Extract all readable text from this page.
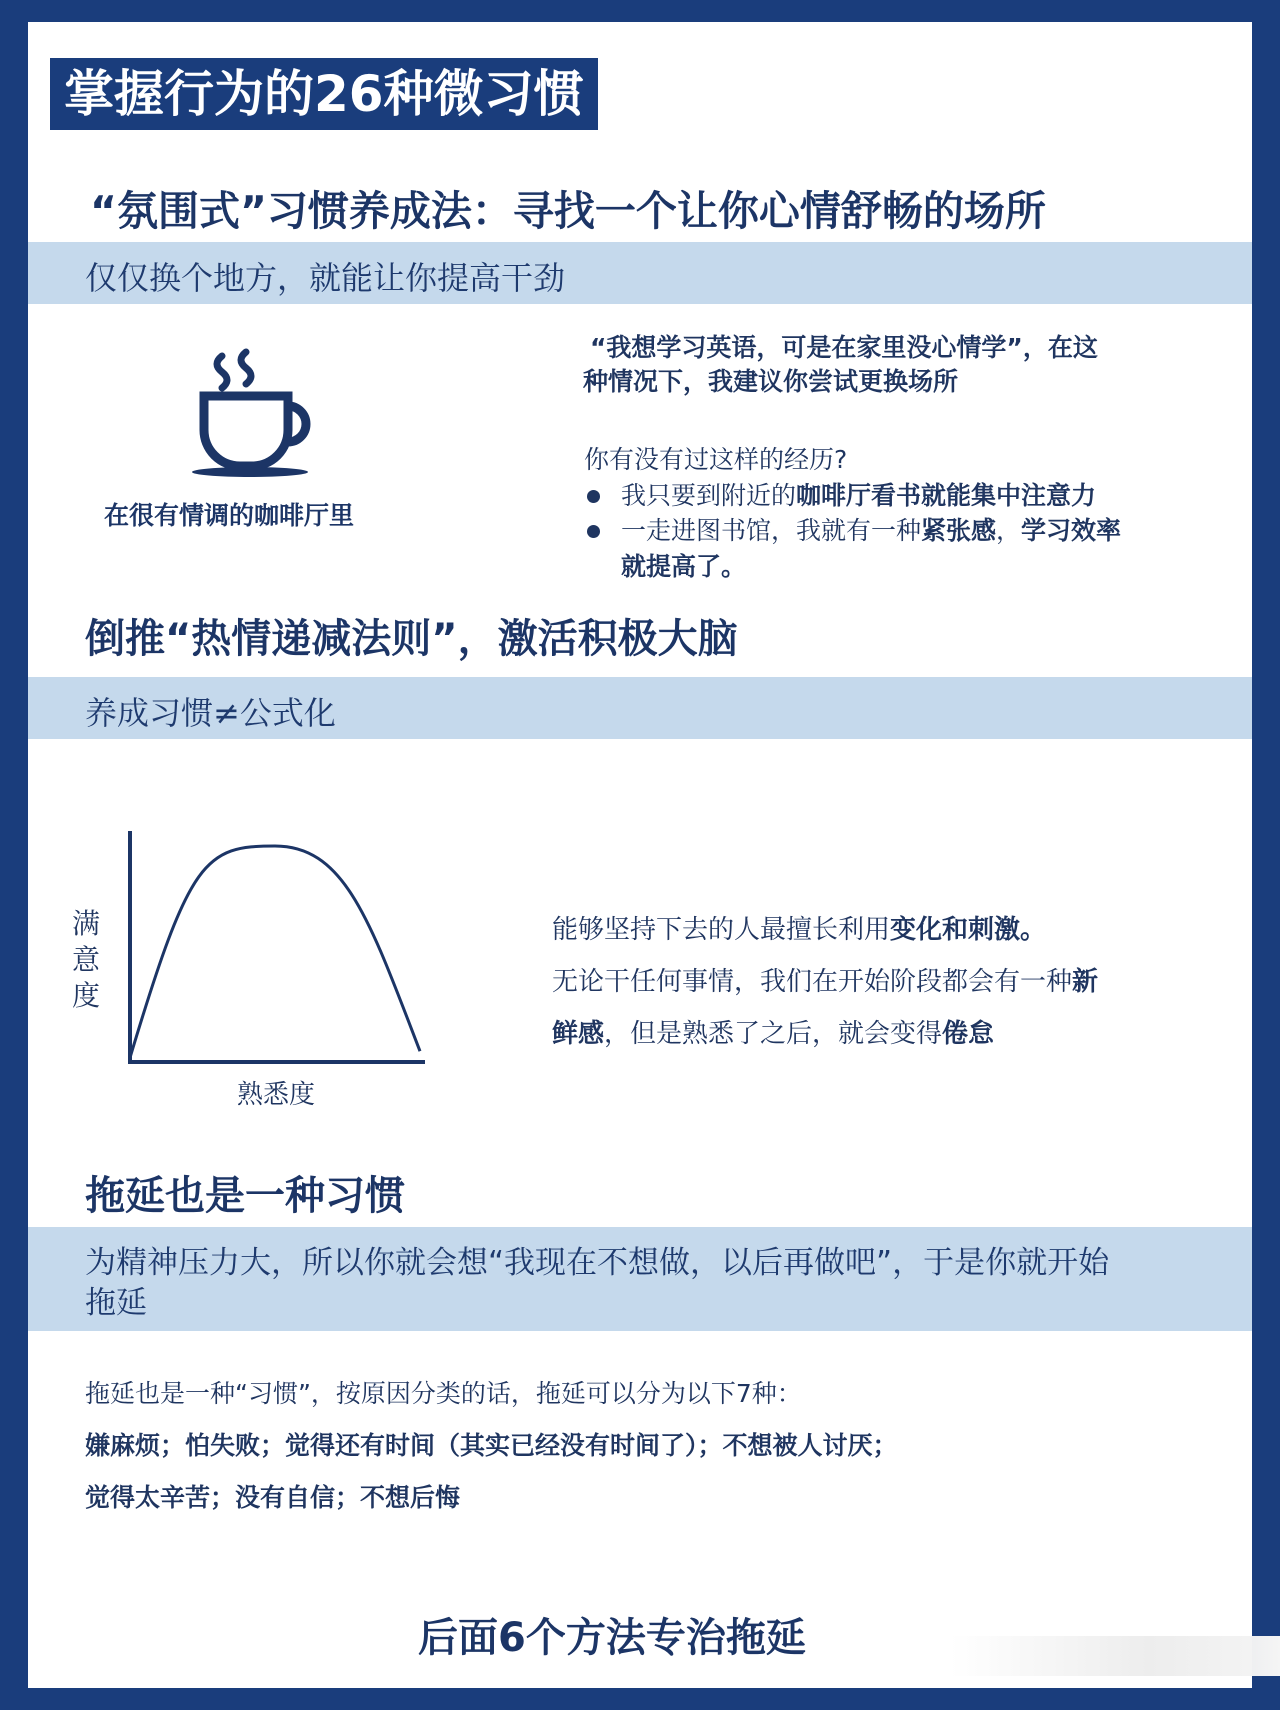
掌握行为的26种微习惯
“氛围式”习惯养成法：寻找一个让你心情舒畅的场所
仅仅换个地方，就能让你提高干劲
在很有情调的咖啡厅里
“我想学习英语，可是在家里没心情学”，在这
种情况下，我建议你尝试更换场所
你有没有过这样的经历?
我只要到附近的咖啡厅看书就能集中注意力
一走进图书馆，我就有一种紧张感，学习效率
就提高了。
倒推“热情递减法则”，激活积极大脑
养成习惯≠公式化
满意度
熟悉度
能够坚持下去的人最擅长利用变化和刺激。
无论干任何事情，我们在开始阶段都会有一种新
鲜感，但是熟悉了之后，就会变得倦怠
拖延也是一种习惯
为精神压力大，所以你就会想“我现在不想做，以后再做吧”，于是你就开始
拖延
拖延也是一种“习惯”，按原因分类的话，拖延可以分为以下7种：
嫌麻烦；怕失败；觉得还有时间（其实已经没有时间了）；不想被人讨厌；
觉得太辛苦；没有自信；不想后悔
后面6个方法专治拖延
